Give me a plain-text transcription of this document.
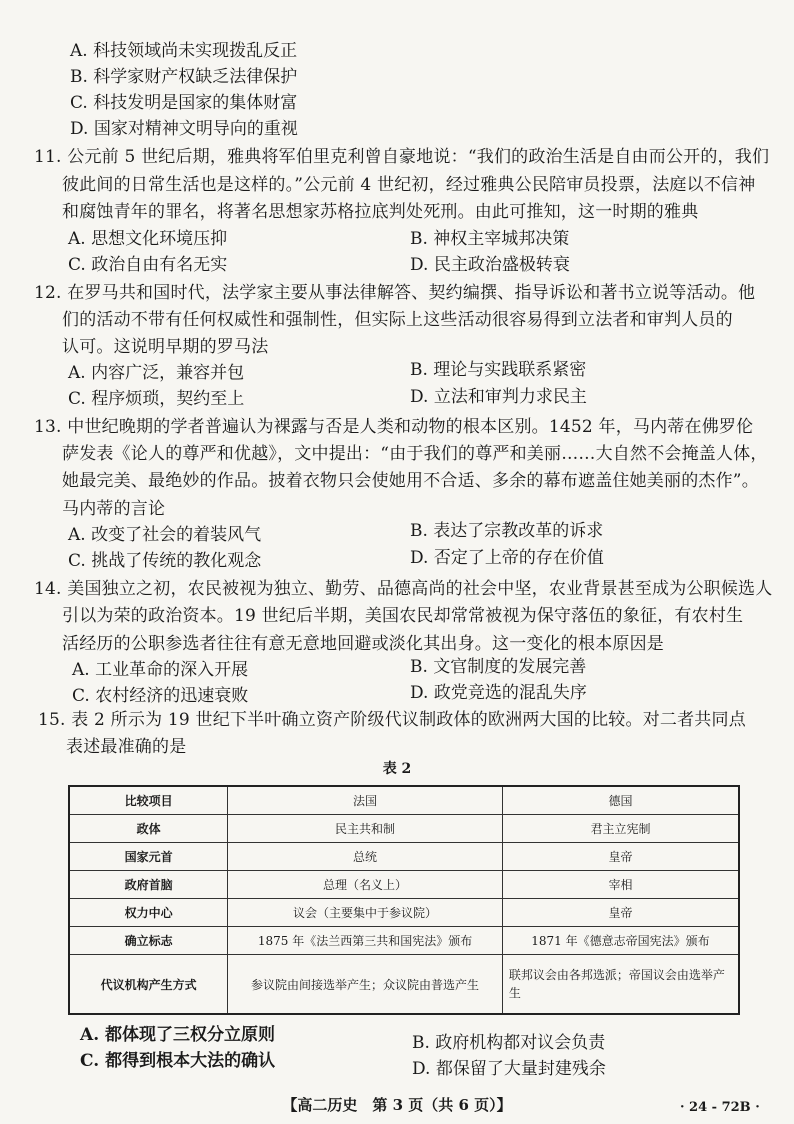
A. 科技领域尚未实现拨乱反正
B. 科学家财产权缺乏法律保护
C. 科技发明是国家的集体财富
D. 国家对精神文明导向的重视
11. 公元前 5 世纪后期，雅典将军伯里克利曾自豪地说：“我们的政治生活是自由而公开的，我们
彼此间的日常生活也是这样的。”公元前 4 世纪初，经过雅典公民陪审员投票，法庭以不信神
和腐蚀青年的罪名，将著名思想家苏格拉底判处死刑。由此可推知，这一时期的雅典
A. 思想文化环境压抑	B. 神权主宰城邦决策
C. 政治自由有名无实	D. 民主政治盛极转衰
12. 在罗马共和国时代，法学家主要从事法律解答、契约编撰、指导诉讼和著书立说等活动。他
们的活动不带有任何权威性和强制性，但实际上这些活动很容易得到立法者和审判人员的
认可。这说明早期的罗马法
A. 内容广泛，兼容并包	B. 理论与实践联系紧密
C. 程序烦琐，契约至上	D. 立法和审判力求民主
13. 中世纪晚期的学者普遍认为裸露与否是人类和动物的根本区别。1452 年，马内蒂在佛罗伦
萨发表《论人的尊严和优越》，文中提出：“由于我们的尊严和美丽……大自然不会掩盖人体，
她最完美、最绝妙的作品。披着衣物只会使她用不合适、多余的幕布遮盖住她美丽的杰作”。
马内蒂的言论
A. 改变了社会的着装风气	B. 表达了宗教改革的诉求
C. 挑战了传统的教化观念	D. 否定了上帝的存在价值
14. 美国独立之初，农民被视为独立、勤劳、品德高尚的社会中坚，农业背景甚至成为公职候选人
引以为荣的政治资本。19 世纪后半期，美国农民却常常被视为保守落伍的象征，有农村生
活经历的公职参选者往往有意无意地回避或淡化其出身。这一变化的根本原因是
A. 工业革命的深入开展	B. 文官制度的发展完善
C. 农村经济的迅速衰败	D. 政党竞选的混乱失序
15. 表 2 所示为 19 世纪下半叶确立资产阶级代议制政体的欧洲两大国的比较。对二者共同点
表述最准确的是
表 2
比较项目	法国	德国
政体	民主共和制	君主立宪制
国家元首	总统	皇帝
政府首脑	总理（名义上）	宰相
权力中心	议会（主要集中于参议院）	皇帝
确立标志	1875 年《法兰西第三共和国宪法》颁布	1871 年《德意志帝国宪法》颁布
代议机构产生方式	参议院由间接选举产生；众议院由普选产生	联邦议会由各邦选派；帝国议会由选举产生
A. 都体现了三权分立原则	B. 政府机构都对议会负责
C. 都得到根本大法的确认	D. 都保留了大量封建残余
【高二历史　第 3 页（共 6 页）】	· 24 - 72B ·
